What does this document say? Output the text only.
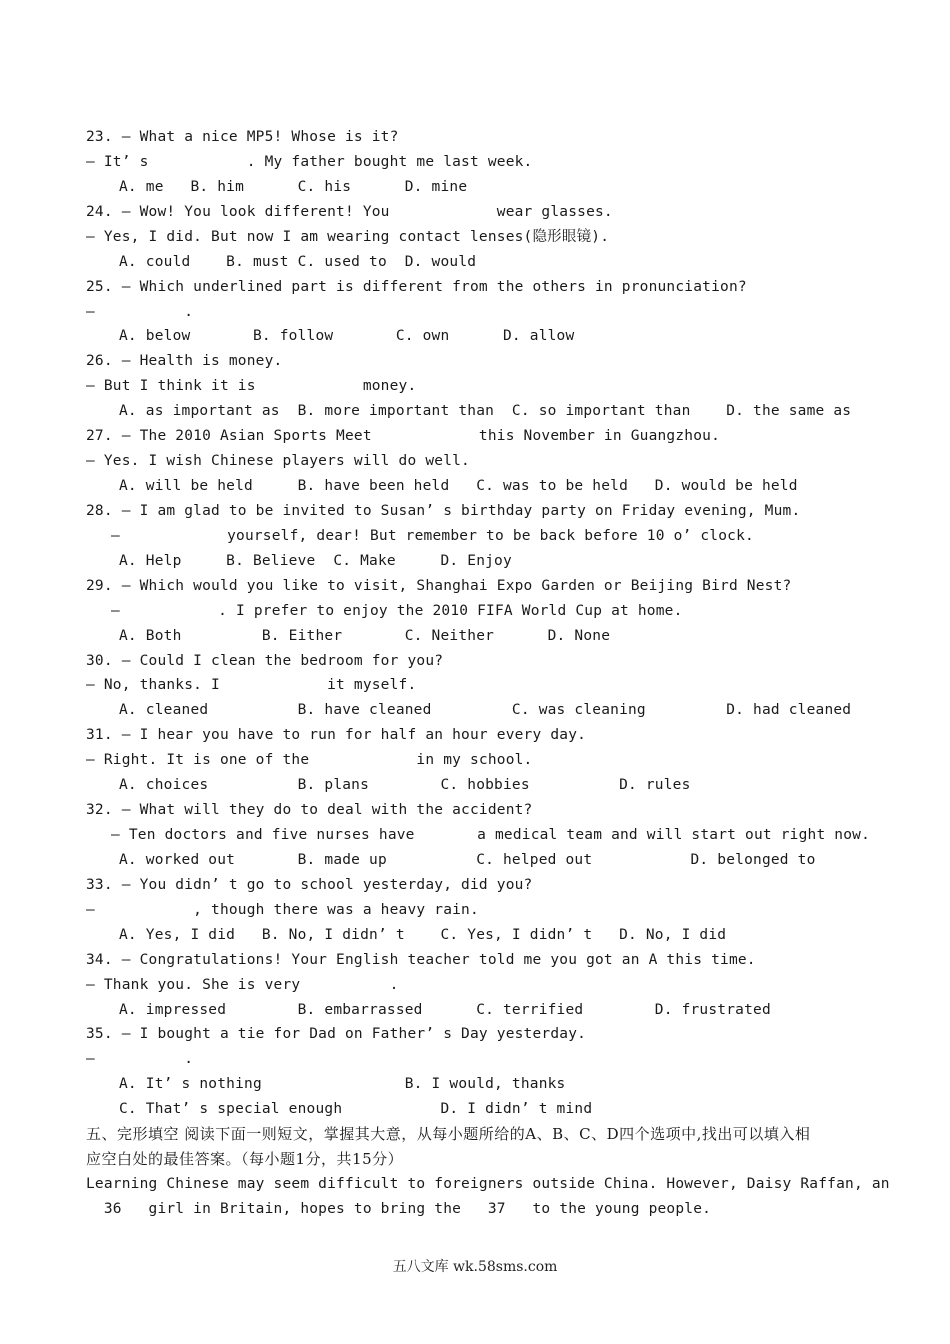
23. — What a nice MP5! Whose is it?
— It’ s           . My father bought me last week.
A. me   B. him      C. his      D. mine
24. — Wow! You look different! You            wear glasses.
— Yes, I did. But now I am wearing contact lenses(隐形眼镜).
A. could    B. must C. used to  D. would
25. — Which underlined part is different from the others in pronunciation?
—          .
A. below       B. follow       C. own      D. allow
26. — Health is money.
— But I think it is            money.
A. as important as  B. more important than  C. so important than    D. the same as
27. — The 2010 Asian Sports Meet            this November in Guangzhou.
— Yes. I wish Chinese players will do well.
A. will be held     B. have been held   C. was to be held   D. would be held
28. — I am glad to be invited to Susan’ s birthday party on Friday evening, Mum.
—            yourself, dear! But remember to be back before 10 o’ clock.
A. Help     B. Believe  C. Make     D. Enjoy
29. — Which would you like to visit, Shanghai Expo Garden or Beijing Bird Nest?
—           . I prefer to enjoy the 2010 FIFA World Cup at home.
A. Both         B. Either       C. Neither      D. None
30. — Could I clean the bedroom for you?
— No, thanks. I            it myself.
A. cleaned          B. have cleaned         C. was cleaning         D. had cleaned
31. — I hear you have to run for half an hour every day.
— Right. It is one of the            in my school.
A. choices          B. plans        C. hobbies          D. rules
32. — What will they do to deal with the accident?
— Ten doctors and five nurses have       a medical team and will start out right now.
A. worked out       B. made up          C. helped out           D. belonged to
33. — You didn’ t go to school yesterday, did you?
—           , though there was a heavy rain.
A. Yes, I did   B. No, I didn’ t    C. Yes, I didn’ t   D. No, I did
34. — Congratulations! Your English teacher told me you got an A this time.
— Thank you. She is very          .
A. impressed        B. embarrassed      C. terrified        D. frustrated
35. — I bought a tie for Dad on Father’ s Day yesterday.
—          .
A. It’ s nothing                B. I would, thanks
C. That’ s special enough           D. I didn’ t mind
五、完形填空 阅读下面一则短文，掌握其大意，从每小题所给的A、B、C、D四个选项中,找出可以填入相
应空白处的最佳答案。（每小题1分，共15分）
Learning Chinese may seem difficult to foreigners outside China. However, Daisy Raffan, an
36   girl in Britain, hopes to bring the   37   to the young people.
五八文库 wk.58sms.com
